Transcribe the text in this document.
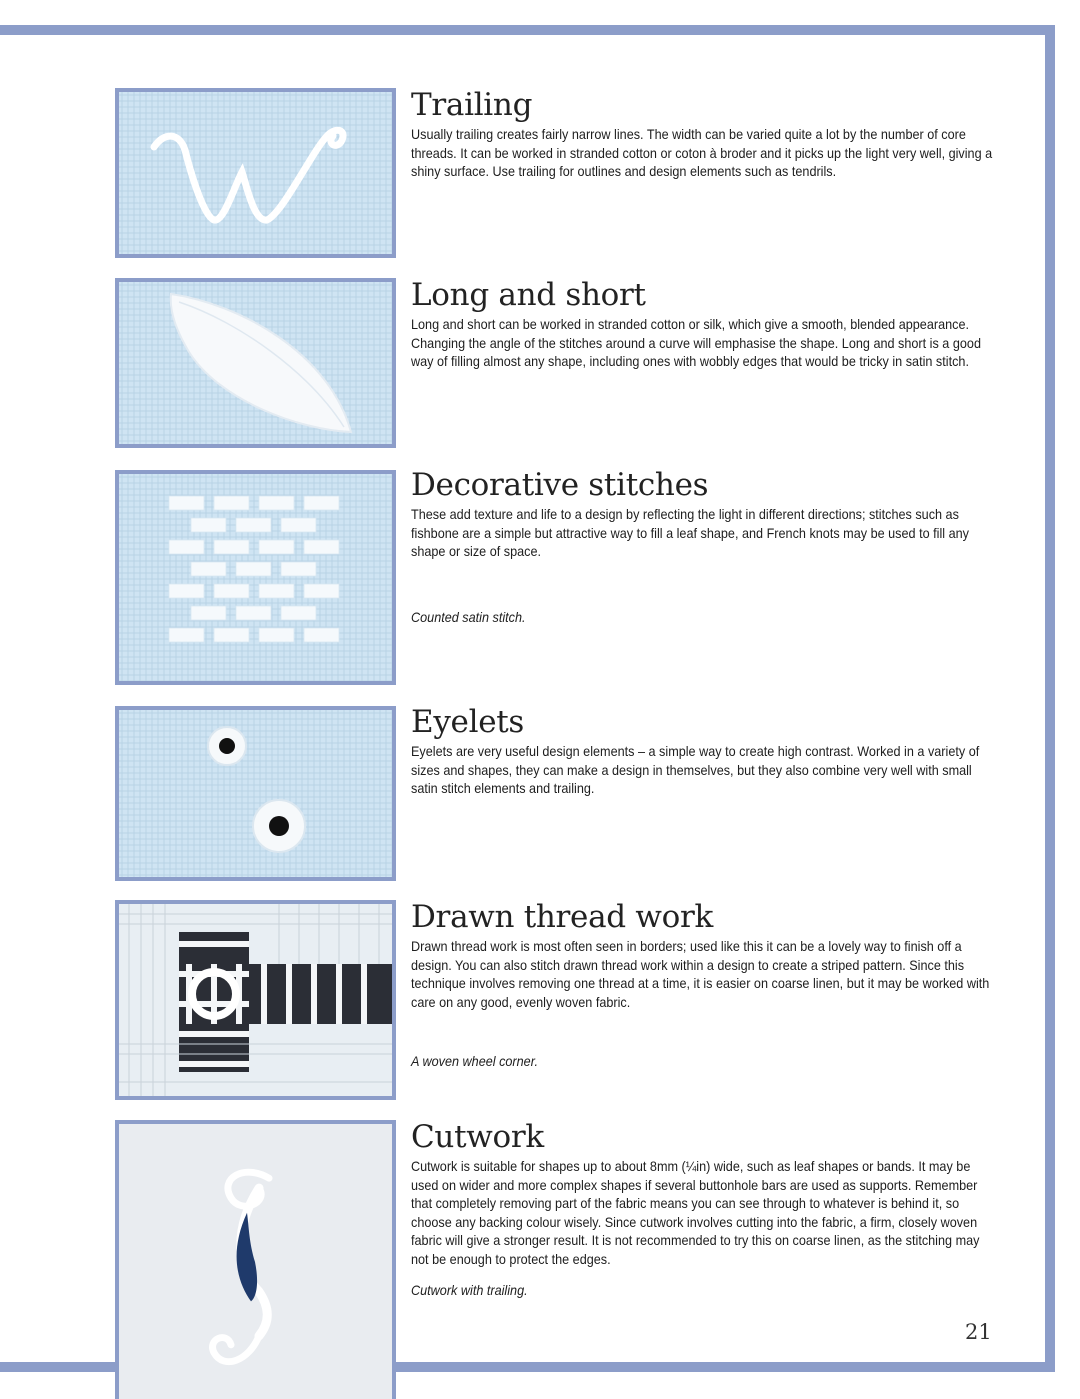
Trailing

Usually trailing creates fairly narrow lines. The width can be varied quite a lot by the number of core threads. It can be worked in stranded cotton or coton à broder and it picks up the light very well, giving a shiny surface. Use trailing for outlines and design elements such as tendrils.

Long and short

Long and short can be worked in stranded cotton or silk, which give a smooth, blended appearance. Changing the angle of the stitches around a curve will emphasise the shape. Long and short is a good way of filling almost any shape, including ones with wobbly edges that would be tricky in satin stitch.

Decorative stitches

These add texture and life to a design by reflecting the light in different directions; stitches such as fishbone are a simple but attractive way to fill a leaf shape, and French knots may be used to fill any shape or size of space.

Counted satin stitch.
Eyelets

Eyelets are very useful design elements – a simple way to create high contrast. Worked in a variety of sizes and shapes, they can make a design in themselves, but they also combine very well with small satin stitch elements and trailing.

Drawn thread work

Drawn thread work is most often seen in borders; used like this it can be a lovely way to finish off a design. You can also stitch drawn thread work within a design to create a striped pattern. Since this technique involves removing one thread at a time, it is easier on coarse linen, but it may be worked with care on any good, evenly woven fabric.

A woven wheel corner.
Cutwork

Cutwork is suitable for shapes up to about 8mm (¼in) wide, such as leaf shapes or bands. It may be used on wider and more complex shapes if several buttonhole bars are used as supports. Remember that completely removing part of the fabric means you can see through to whatever is behind it, so choose any backing colour wisely. Since cutwork involves cutting into the fabric, a firm, closely woven fabric will give a stronger result. It is not recommended to try this on coarse linen, as the stitching may not be enough to protect the edges.

Cutwork with trailing.
21
